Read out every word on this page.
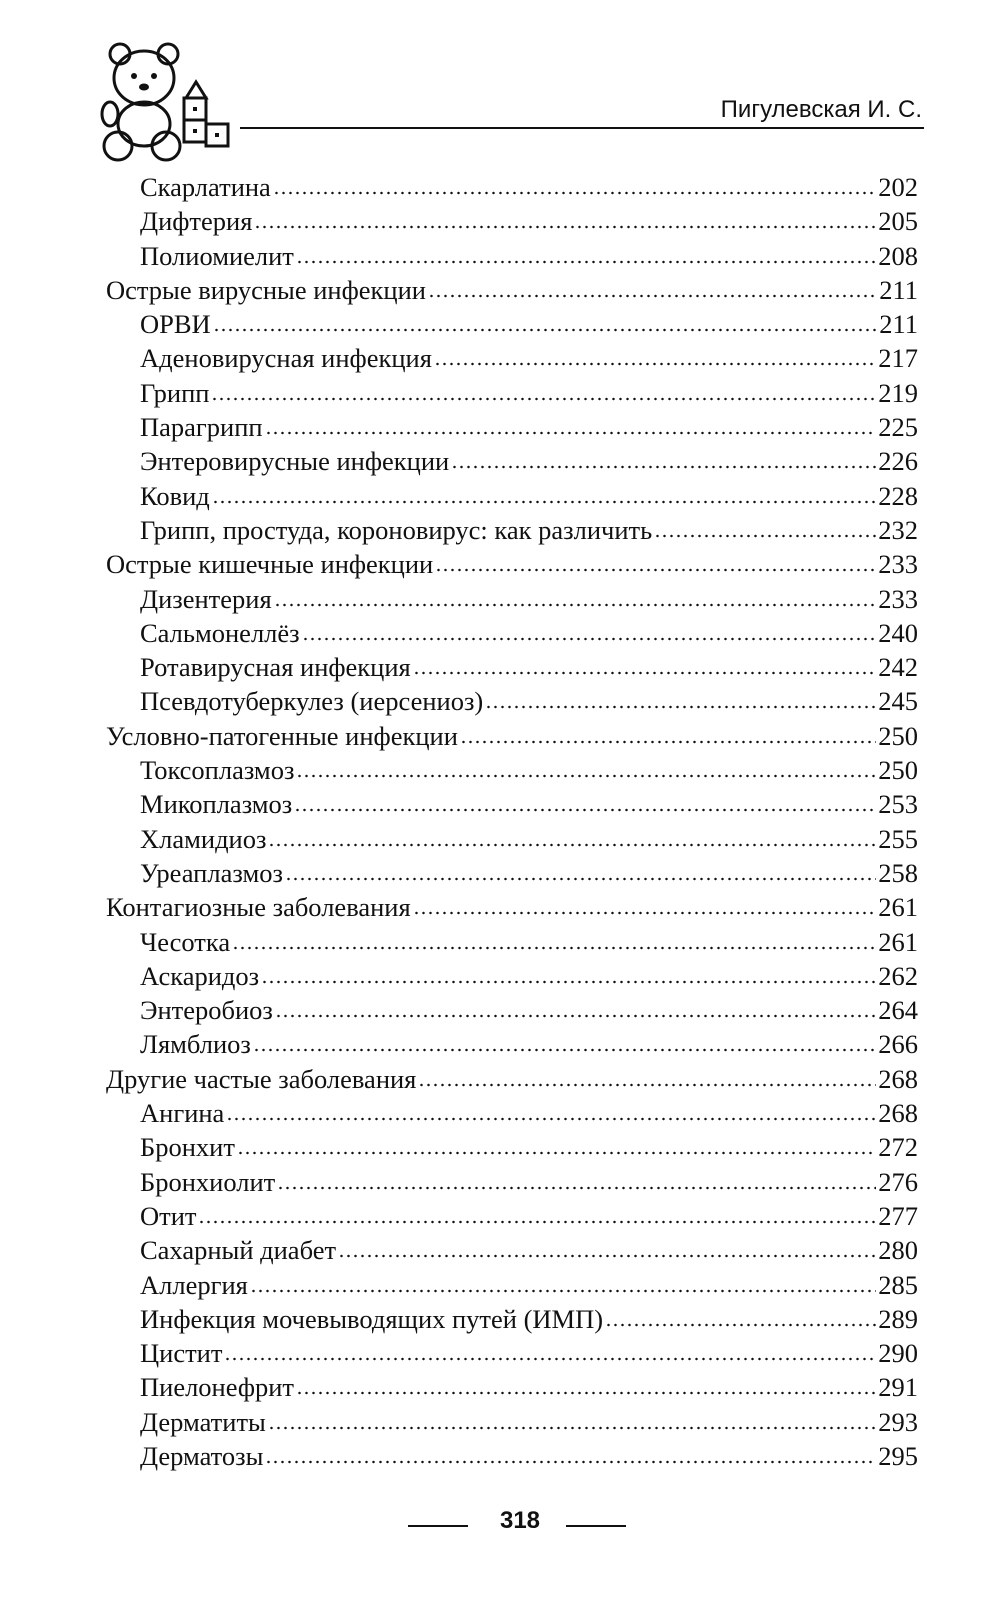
Пигулевская И. С.
Скарлатина	202
Дифтерия	205
Полиомиелит	208
Острые вирусные инфекции	211
ОРВИ	211
Аденовирусная инфекция	217
Грипп	219
Парагрипп	225
Энтеровирусные инфекции	226
Ковид	228
Грипп, простуда, короновирус: как различить	232
Острые кишечные инфекции	233
Дизентерия	233
Сальмонеллёз	240
Ротавирусная инфекция	242
Псевдотуберкулез (иерсениоз)	245
Условно-патогенные инфекции	250
Токсоплазмоз	250
Микоплазмоз	253
Хламидиоз	255
Уреаплазмоз	258
Контагиозные заболевания	261
Чесотка	261
Аскаридоз	262
Энтеробиоз	264
Лямблиоз	266
Другие частые заболевания	268
Ангина	268
Бронхит	272
Бронхиолит	276
Отит	277
Сахарный диабет	280
Аллергия	285
Инфекция мочевыводящих путей (ИМП)	289
Цистит	290
Пиелонефрит	291
Дерматиты	293
Дерматозы	295
318
